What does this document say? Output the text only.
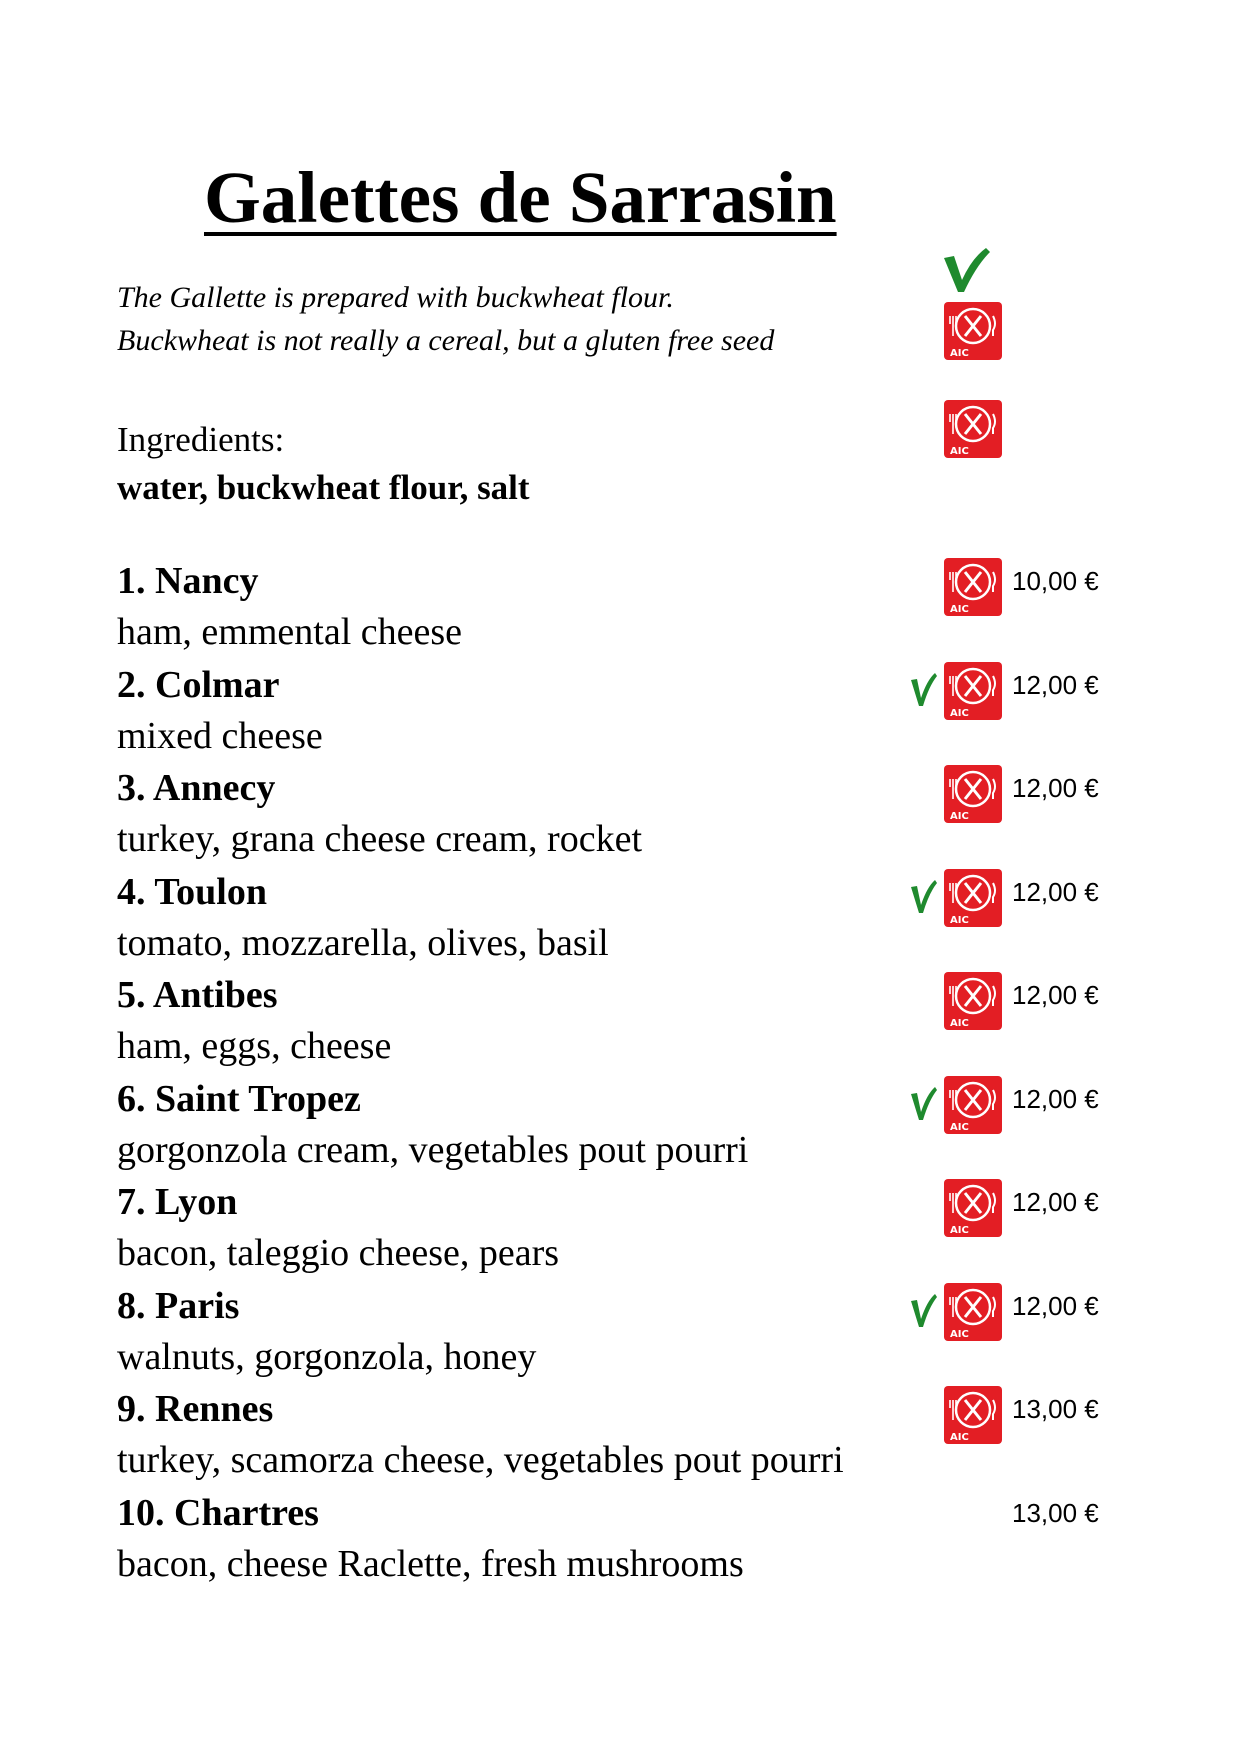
Galettes de Sarrasin
The Gallette is prepared with buckwheat flour.
Buckwheat is not really a cereal, but a gluten free seed	AIC
AIC
Ingredients:
water, buckwheat flour, salt
1. Nancy
ham, emmental cheese
AIC
10,00 €
2. Colmar
mixed cheese
AIC
12,00 €
3. Annecy
turkey, grana cheese cream, rocket
AIC
12,00 €
4. Toulon
tomato, mozzarella, olives, basil
AIC
12,00 €
5. Antibes
ham, eggs, cheese
AIC
12,00 €
6. Saint Tropez
gorgonzola cream, vegetables pout pourri
AIC
12,00 €
7. Lyon
bacon, taleggio cheese, pears
AIC
12,00 €
8. Paris
walnuts, gorgonzola, honey
AIC
12,00 €
9. Rennes
turkey, scamorza cheese, vegetables pout pourri
AIC
13,00 €
10. Chartres
bacon, cheese Raclette, fresh mushrooms
13,00 €
